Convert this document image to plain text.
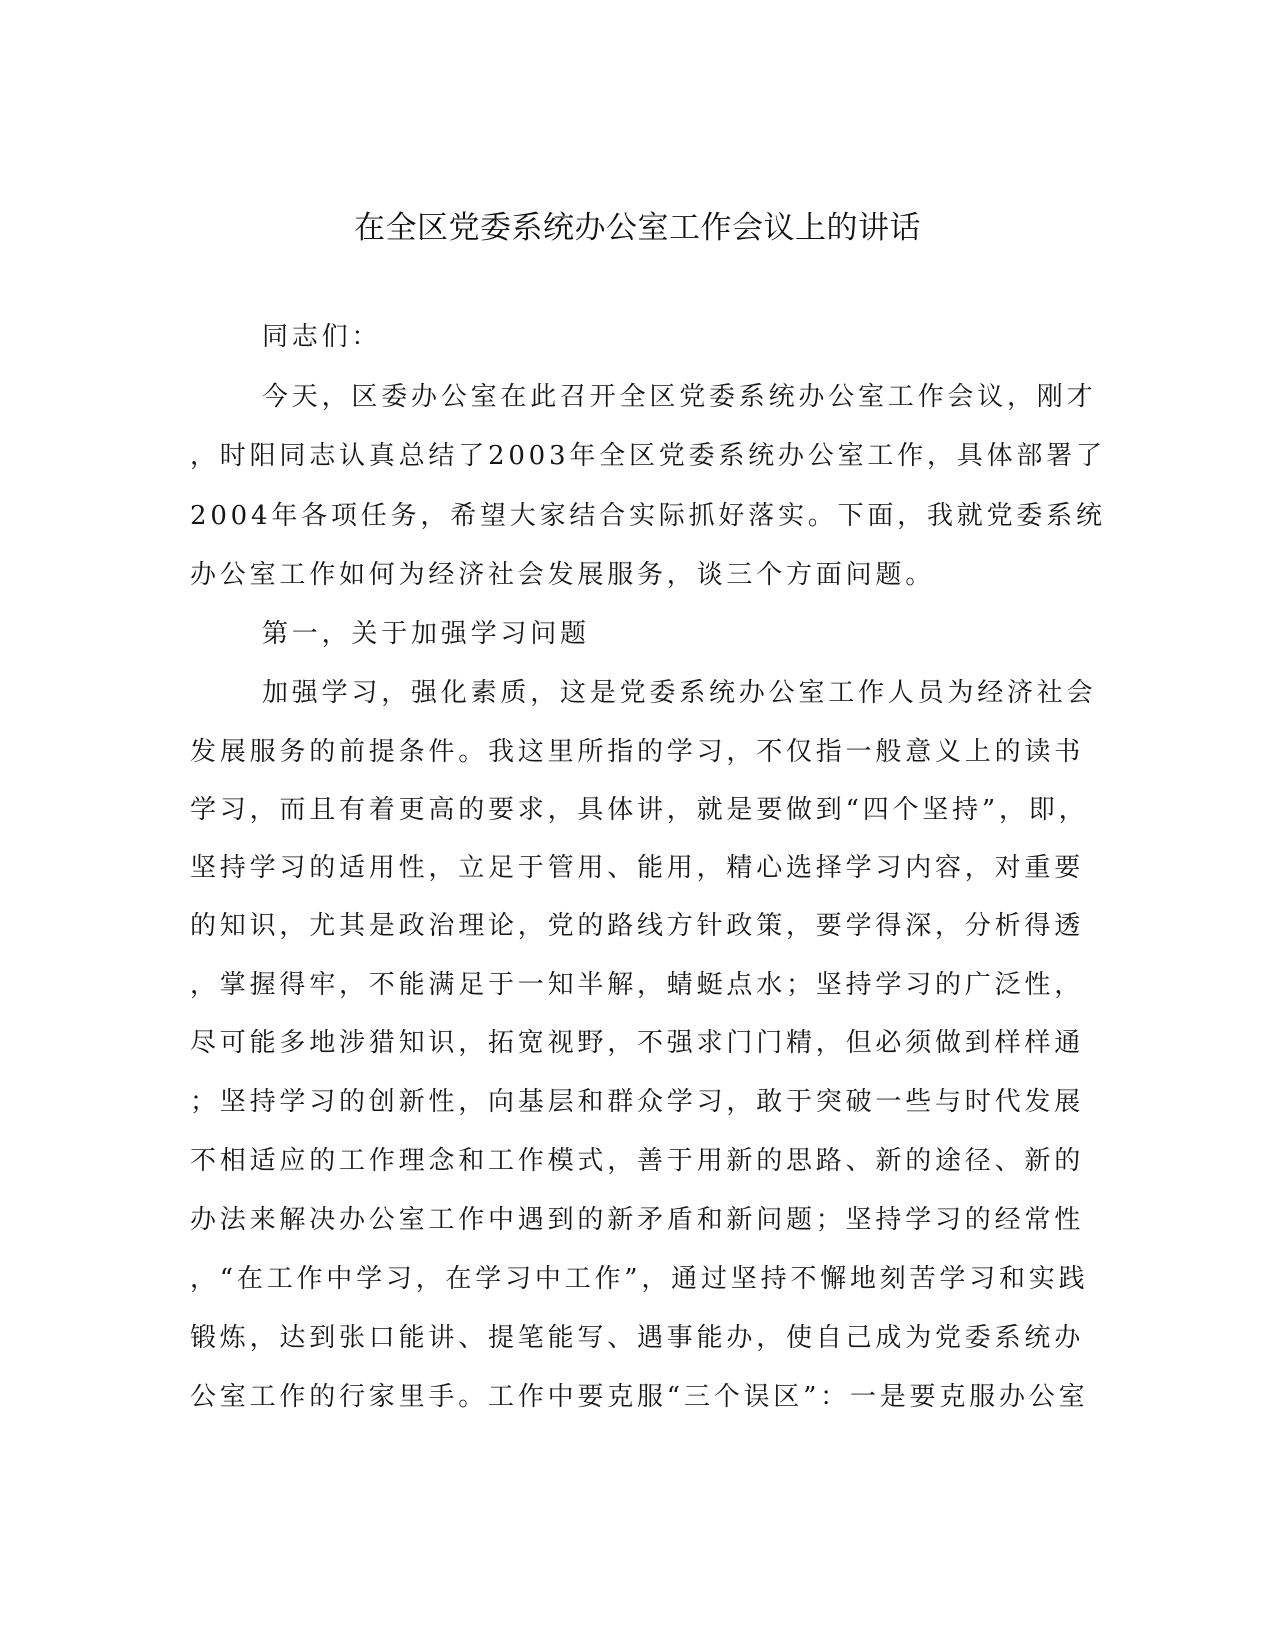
在全区党委系统办公室工作会议上的讲话
同志们：
今天，区委办公室在此召开全区党委系统办公室工作会议，刚才
，时阳同志认真总结了2003年全区党委系统办公室工作，具体部署了
2004年各项任务，希望大家结合实际抓好落实。下面，我就党委系统
办公室工作如何为经济社会发展服务，谈三个方面问题。
第一，关于加强学习问题
加强学习，强化素质，这是党委系统办公室工作人员为经济社会
发展服务的前提条件。我这里所指的学习，不仅指一般意义上的读书
学习，而且有着更高的要求，具体讲，就是要做到“四个坚持”，即，
坚持学习的适用性，立足于管用、能用，精心选择学习内容，对重要
的知识，尤其是政治理论，党的路线方针政策，要学得深，分析得透
，掌握得牢，不能满足于一知半解，蜻蜓点水；坚持学习的广泛性，
尽可能多地涉猎知识，拓宽视野，不强求门门精，但必须做到样样通
；坚持学习的创新性，向基层和群众学习，敢于突破一些与时代发展
不相适应的工作理念和工作模式，善于用新的思路、新的途径、新的
办法来解决办公室工作中遇到的新矛盾和新问题；坚持学习的经常性
，“在工作中学习，在学习中工作”，通过坚持不懈地刻苦学习和实践
锻炼，达到张口能讲、提笔能写、遇事能办，使自己成为党委系统办
公室工作的行家里手。工作中要克服“三个误区”：一是要克服办公室
